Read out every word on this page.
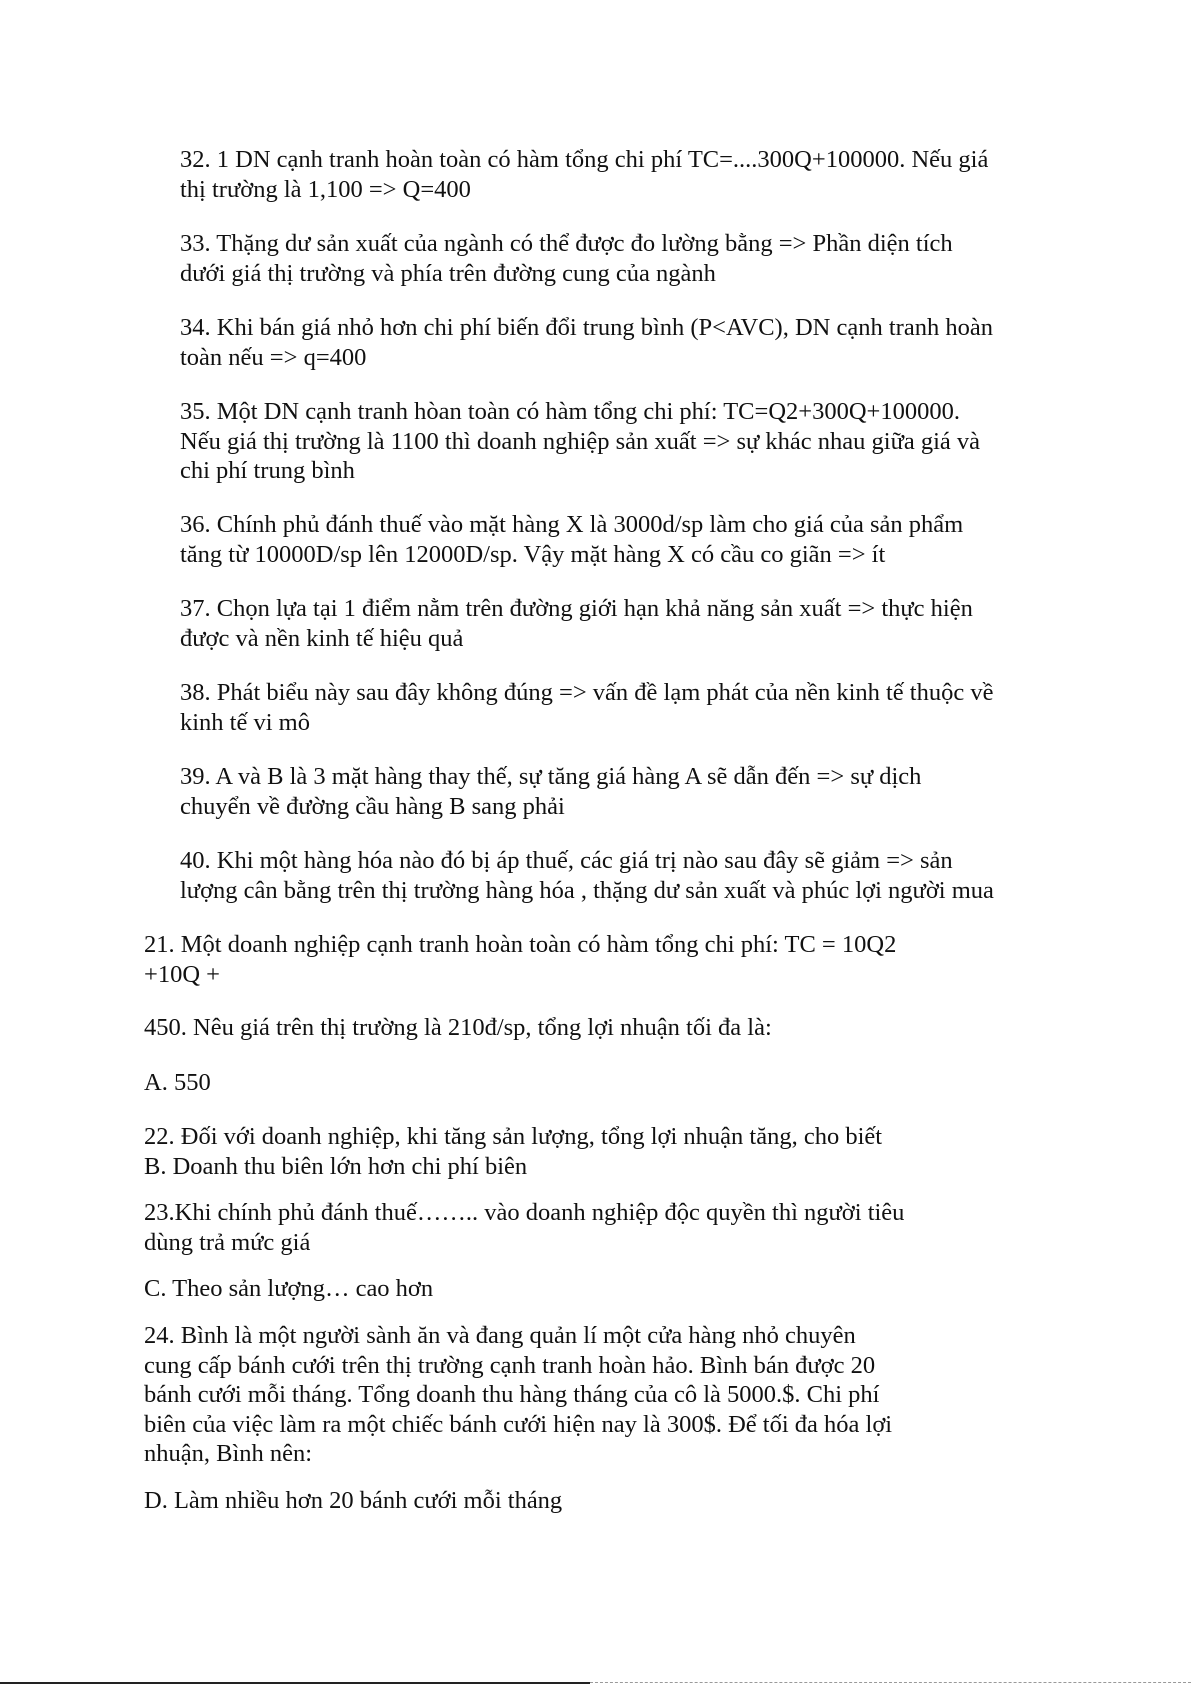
32. 1 DN cạnh tranh hoàn toàn có hàm tổng chi phí TC=....300Q+100000. Nếu giá
thị trường là 1,100 => Q=400

33. Thặng dư sản xuất của ngành có thể được đo lường bằng => Phần diện tích
dưới giá thị trường và phía trên đường cung của ngành

34. Khi bán giá nhỏ hơn chi phí biến đổi trung bình (P<AVC), DN cạnh tranh hoàn
toàn nếu => q=400

35. Một DN cạnh tranh hòan toàn có hàm tổng chi phí: TC=Q2+300Q+100000.
Nếu giá thị trường là 1100 thì doanh nghiệp sản xuất => sự khác nhau giữa giá và
chi phí trung bình

36. Chính phủ đánh thuế vào mặt hàng X là 3000d/sp làm cho giá của sản phẩm
tăng từ 10000D/sp lên 12000D/sp. Vậy mặt hàng X có cầu co giãn => ít

37. Chọn lựa tại 1 điểm nằm trên đường giới hạn khả năng sản xuất => thực hiện
được và nền kinh tế hiệu quả

38. Phát biểu này sau đây không đúng => vấn đề lạm phát của nền kinh tế thuộc về
kinh tế vi mô

39. A và B là 3 mặt hàng thay thế, sự tăng giá hàng A sẽ dẫn đến => sự dịch
chuyển về đường cầu hàng B sang phải

40. Khi một hàng hóa nào đó bị áp thuế, các giá trị nào sau đây sẽ giảm => sản
lượng cân bằng trên thị trường hàng hóa , thặng dư sản xuất và phúc lợi người mua

21. Một doanh nghiệp cạnh tranh hoàn toàn có hàm tổng chi phí: TC = 10Q2
+10Q +

450. Nêu giá trên thị trường là 210đ/sp, tổng lợi nhuận tối đa là:

A. 550

22. Đối với doanh nghiệp, khi tăng sản lượng, tổng lợi nhuận tăng, cho biết
B. Doanh thu biên lớn hơn chi phí biên

23.Khi chính phủ đánh thuế…….. vào doanh nghiệp độc quyền thì người tiêu
dùng trả mức giá

C. Theo sản lượng… cao hơn

24. Bình là một người sành ăn và đang quản lí một cửa hàng nhỏ chuyên
cung cấp bánh cưới trên thị trường cạnh tranh hoàn hảo. Bình bán được 20
bánh cưới mỗi tháng. Tổng doanh thu hàng tháng của cô là 5000.$. Chi phí
biên của việc làm ra một chiếc bánh cưới hiện nay là 300$. Để tối đa hóa lợi
nhuận, Bình nên:

D. Làm nhiều hơn 20 bánh cưới mỗi tháng
